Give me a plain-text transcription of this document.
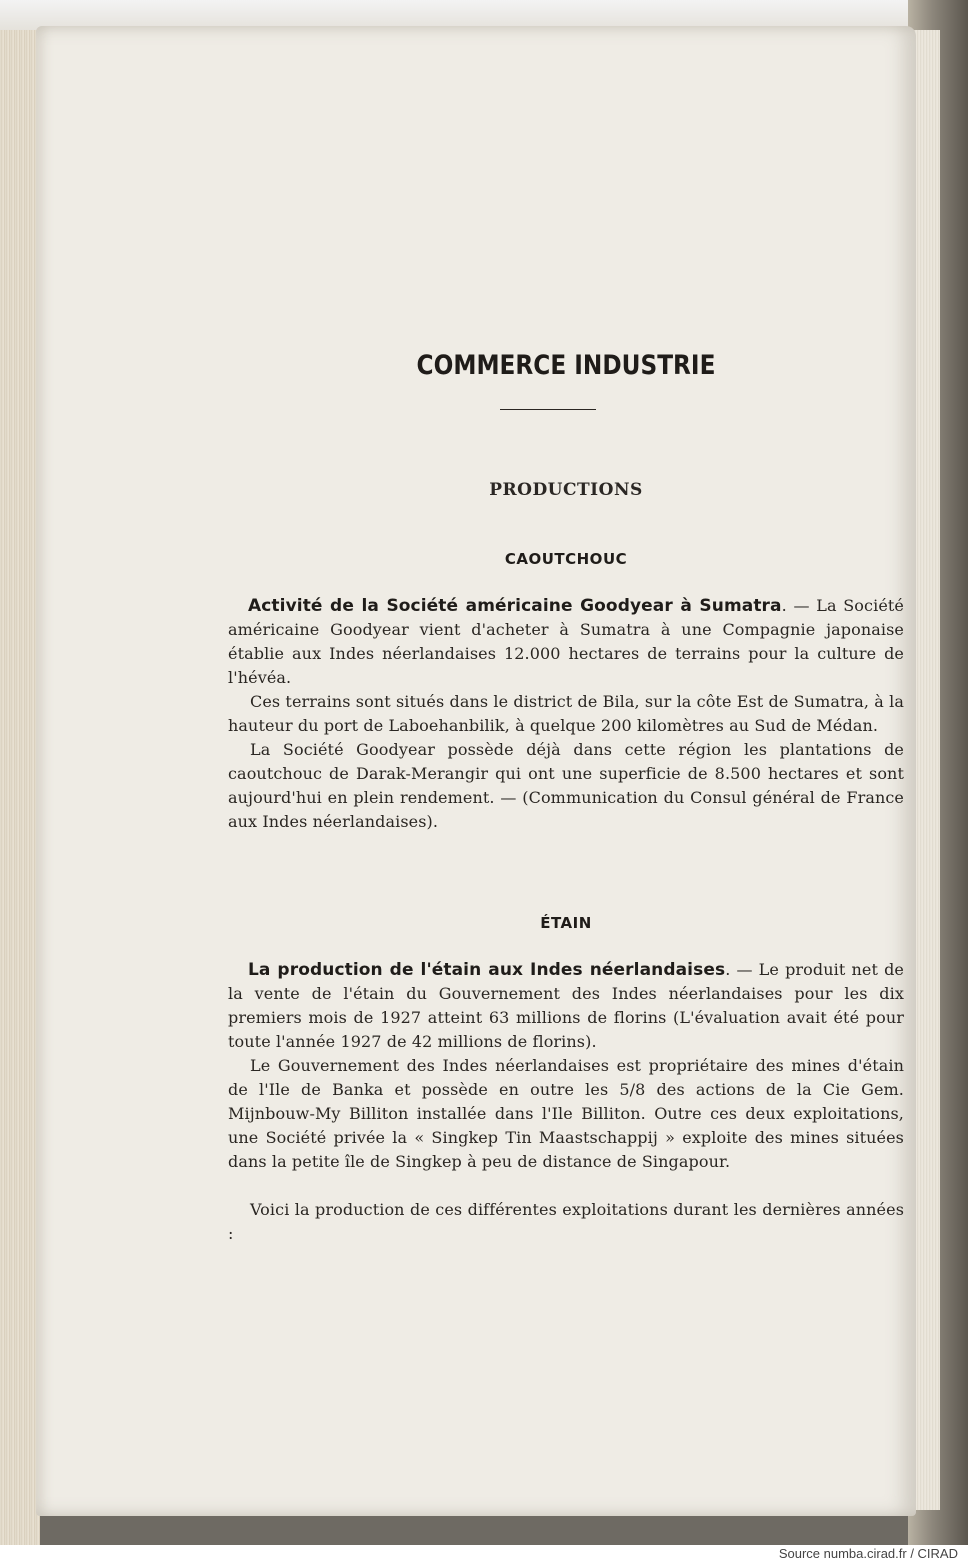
COMMERCE INDUSTRIE
PRODUCTIONS
CAOUTCHOUC

Activité de la Société américaine Goodyear à Sumatra. — La Société américaine Goodyear vient d'acheter à Sumatra à une Compagnie japonaise établie aux Indes néerlandaises 12.000 hectares de terrains pour la culture de l'hévéa.

Ces terrains sont situés dans le district de Bila, sur la côte Est de Sumatra, à la hauteur du port de Laboehanbilik, à quelque 200 kilomètres au Sud de Médan.

La Société Goodyear possède déjà dans cette région les plantations de caoutchouc de Darak-Merangir qui ont une superficie de 8.500 hectares et sont aujourd'hui en plein rendement. — (Communication du Consul général de France aux Indes néerlandaises).

ÉTAIN

La production de l'étain aux Indes néerlandaises. — Le produit net de la vente de l'étain du Gouvernement des Indes néerlandaises pour les dix premiers mois de 1927 atteint 63 millions de florins (L'évaluation avait été pour toute l'année 1927 de 42 millions de florins).

Le Gouvernement des Indes néerlandaises est propriétaire des mines d'étain de l'Ile de Banka et possède en outre les 5/8 des actions de la Cie Gem. Mijnbouw-My Billiton installée dans l'Ile Billiton. Outre ces deux exploitations, une Société privée la « Singkep Tin Maastschappij » exploite des mines situées dans la petite île de Singkep à peu de distance de Singapour.

Voici la production de ces différentes exploitations durant les dernières années :

Source numba.cirad.fr / CIRAD
